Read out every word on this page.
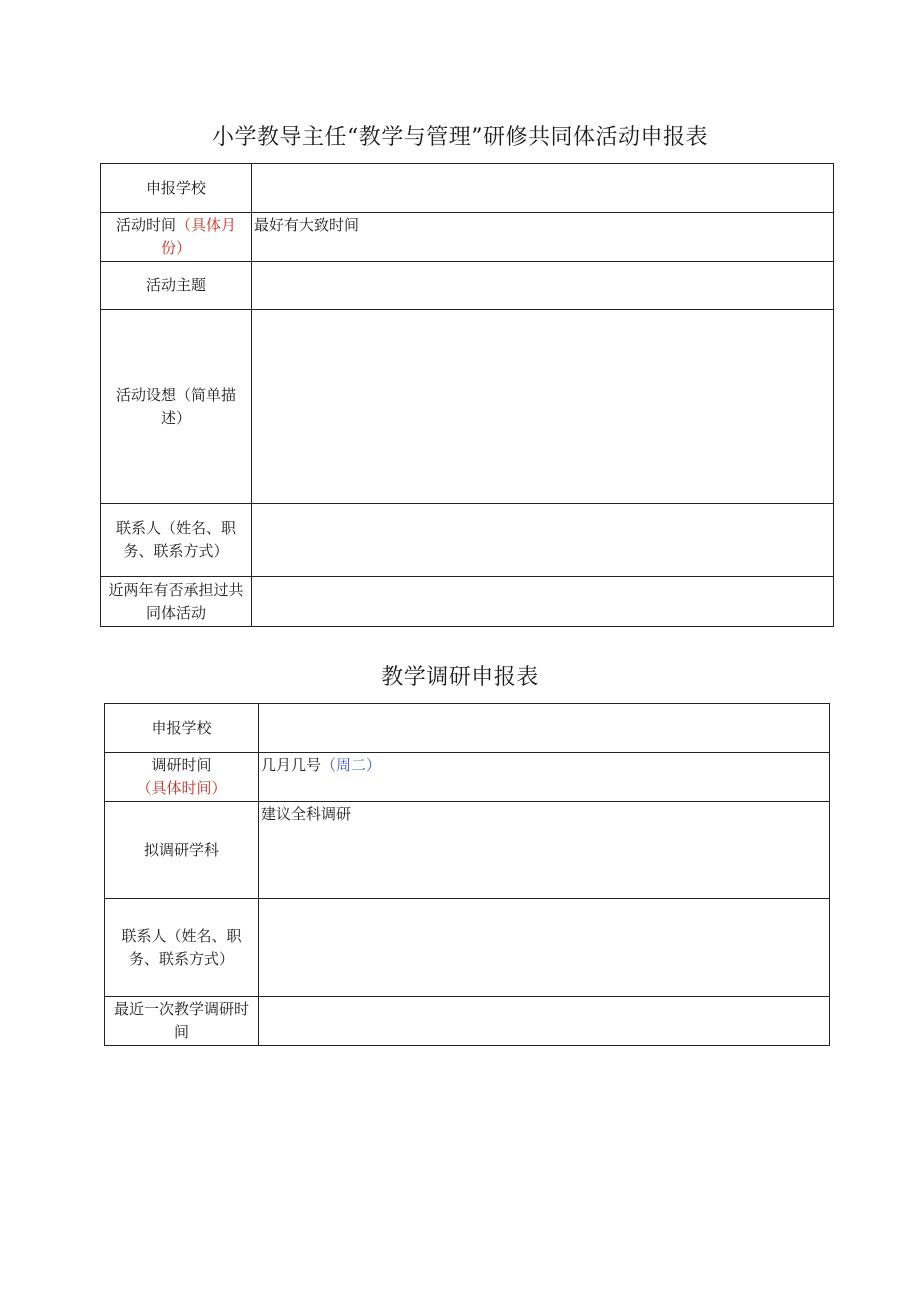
小学教导主任“教学与管理”研修共同体活动申报表
申报学校	
活动时间（具体月份）	最好有大致时间
活动主题	
活动设想（简单描述）	
联系人（姓名、职务、联系方式）	
近两年有否承担过共同体活动	
教学调研申报表
申报学校	
调研时间（具体时间）	几月几号（周二）
拟调研学科	建议全科调研
联系人（姓名、职务、联系方式）	
最近一次教学调研时间	
